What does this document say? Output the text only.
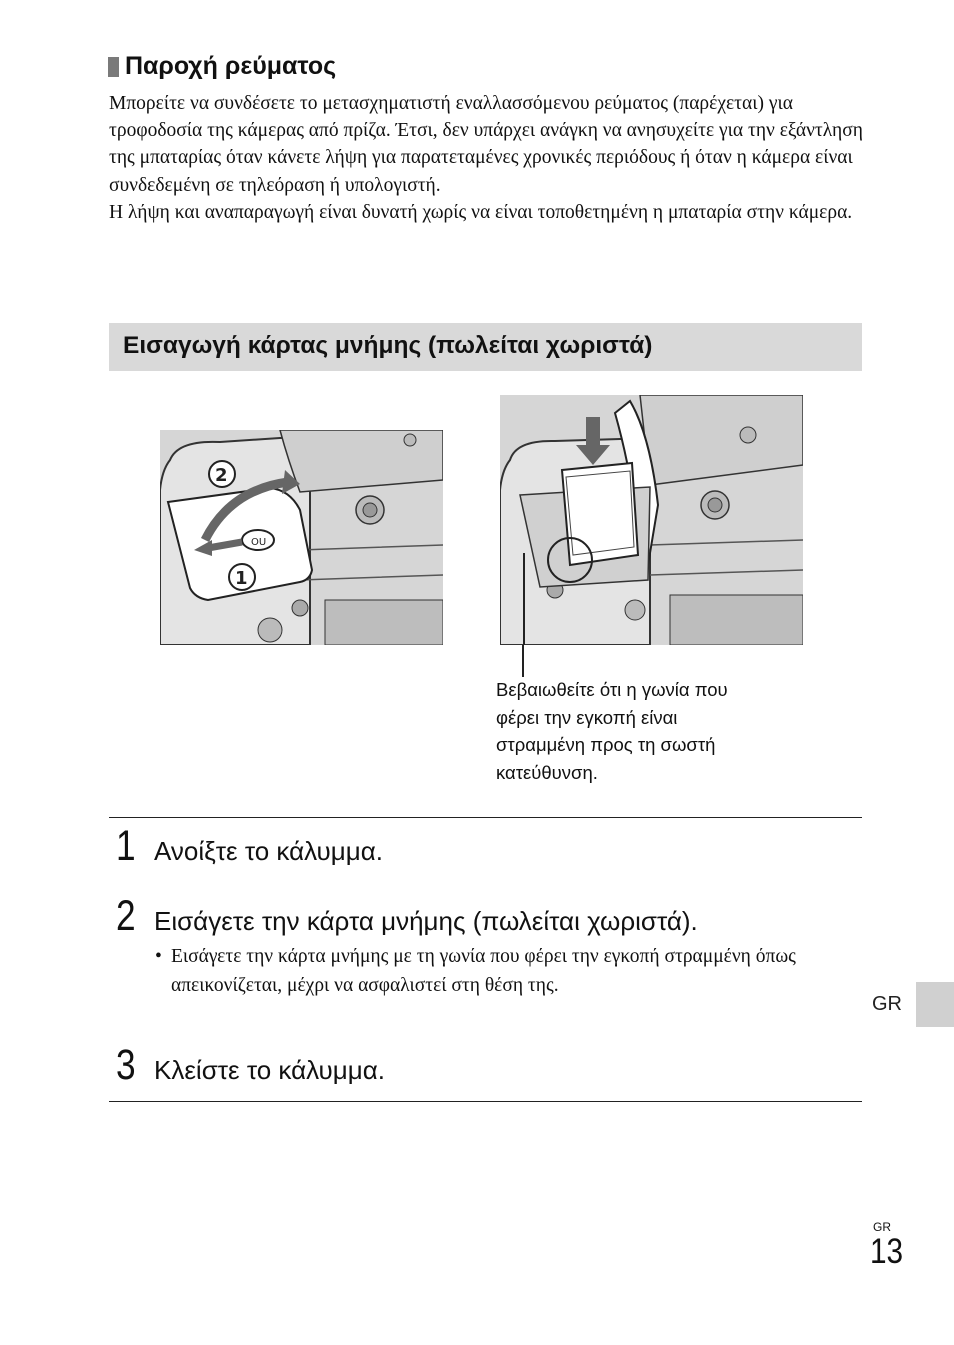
Παροχή ρεύματος

Μπορείτε να συνδέσετε το μετασχηματιστή εναλλασσόμενου ρεύματος (παρέχεται) για τροφοδοσία της κάμερας από πρίζα. Έτσι, δεν υπάρχει ανάγκη να ανησυχείτε για την εξάντληση της μπαταρίας όταν κάνετε λήψη για παρατεταμένες χρονικές περιόδους ή όταν η κάμερα είναι συνδεδεμένη σε τηλεόραση ή υπολογιστή.

Η λήψη και αναπαραγωγή είναι δυνατή χωρίς να είναι τοποθετημένη η μπαταρία στην κάμερα.

Εισαγωγή κάρτας μνήμης (πωλείται χωριστά)
OU
2
1
Βεβαιωθείτε ότι η γωνία που
φέρει την εγκοπή είναι
στραμμένη προς τη σωστή
κατεύθυνση.
1 Ανοίξτε το κάλυμμα.
2 Εισάγετε την κάρτα μνήμης (πωλείται χωριστά).
• Εισάγετε την κάρτα μνήμης με τη γωνία που φέρει την εγκοπή στραμμένη όπως απεικονίζεται, μέχρι να ασφαλιστεί στη θέση της.
3 Κλείστε το κάλυμμα.
GR
GR
13
